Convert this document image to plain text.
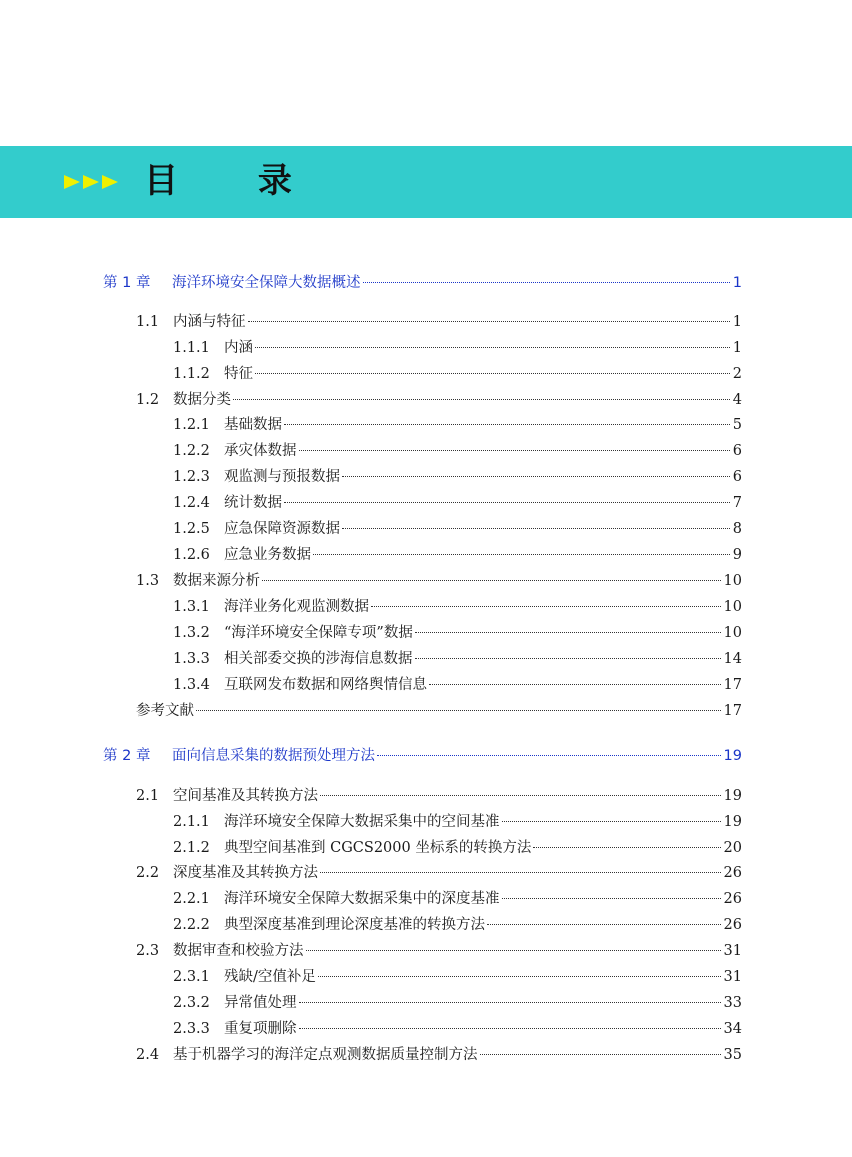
目 录
第 1 章	海洋环境安全保障大数据概述	1
1.1 内涵与特征	1
1.1.1 内涵	1
1.1.2 特征	2
1.2 数据分类	4
1.2.1 基础数据	5
1.2.2 承灾体数据	6
1.2.3 观监测与预报数据	6
1.2.4 统计数据	7
1.2.5 应急保障资源数据	8
1.2.6 应急业务数据	9
1.3 数据来源分析	10
1.3.1 海洋业务化观监测数据	10
1.3.2 “海洋环境安全保障专项”数据	10
1.3.3 相关部委交换的涉海信息数据	14
1.3.4 互联网发布数据和网络舆情信息	17
参考文献	17
第 2 章	面向信息采集的数据预处理方法	19
2.1 空间基准及其转换方法	19
2.1.1 海洋环境安全保障大数据采集中的空间基准	19
2.1.2 典型空间基准到 CGCS2000 坐标系的转换方法	20
2.2 深度基准及其转换方法	26
2.2.1 海洋环境安全保障大数据采集中的深度基准	26
2.2.2 典型深度基准到理论深度基准的转换方法	26
2.3 数据审查和校验方法	31
2.3.1 残缺/空值补足	31
2.3.2 异常值处理	33
2.3.3 重复项删除	34
2.4 基于机器学习的海洋定点观测数据质量控制方法	35
